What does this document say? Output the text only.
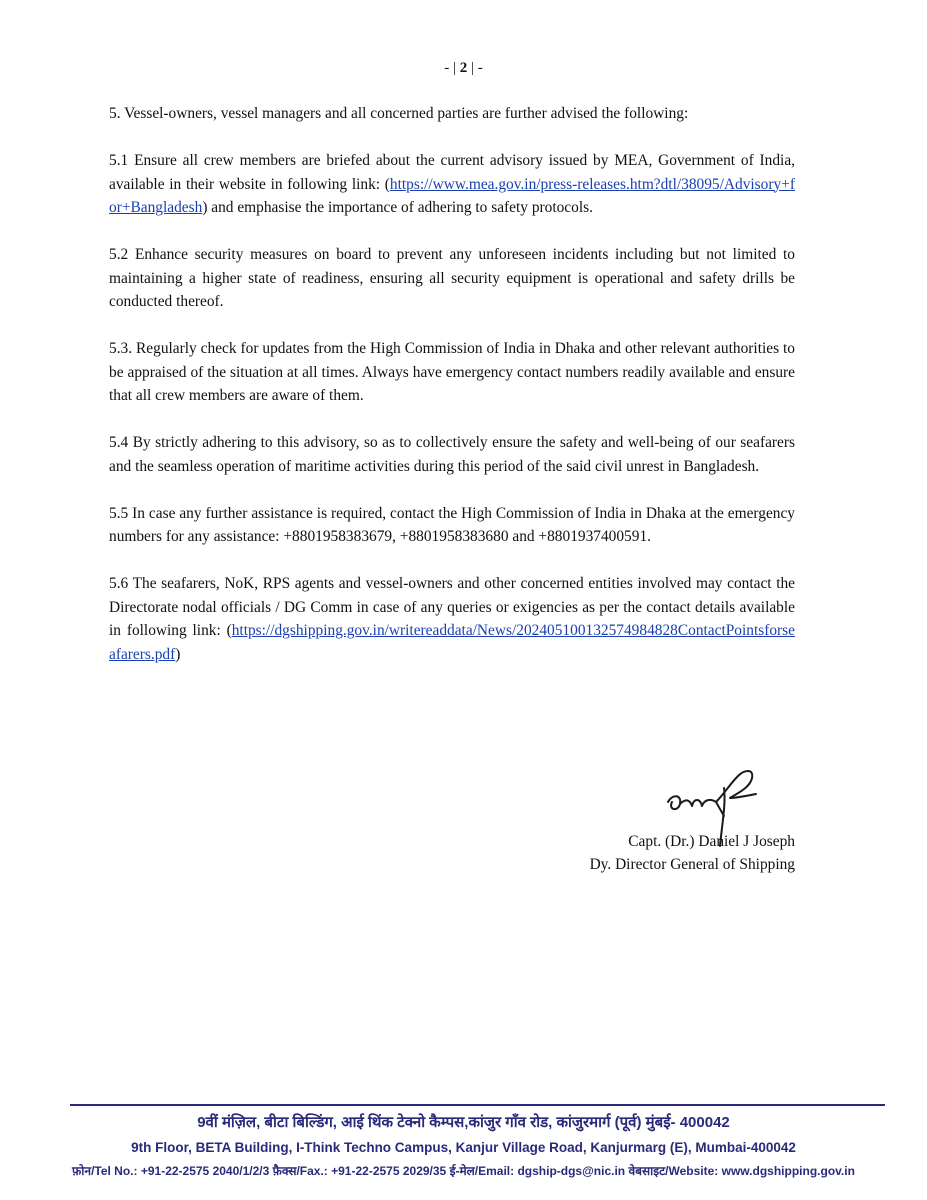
- | 2 | -

5. Vessel-owners, vessel managers and all concerned parties are further advised the following:

5.1 Ensure all crew members are briefed about the current advisory issued by MEA, Government of India, available in their website in following link: (https://www.mea.gov.in/press-releases.htm?dtl/38095/Advisory+for+Bangladesh) and emphasise the importance of adhering to safety protocols.

5.2 Enhance security measures on board to prevent any unforeseen incidents including but not limited to maintaining a higher state of readiness, ensuring all security equipment is operational and safety drills be conducted thereof.

5.3. Regularly check for updates from the High Commission of India in Dhaka and other relevant authorities to be appraised of the situation at all times. Always have emergency contact numbers readily available and ensure that all crew members are aware of them.

5.4 By strictly adhering to this advisory, so as to collectively ensure the safety and well-being of our seafarers and the seamless operation of maritime activities during this period of the said civil unrest in Bangladesh.

5.5 In case any further assistance is required, contact the High Commission of India in Dhaka at the emergency numbers for any assistance: +8801958383679, +8801958383680 and +8801937400591.

5.6 The seafarers, NoK, RPS agents and vessel-owners and other concerned entities involved may contact the Directorate nodal officials / DG Comm in case of any queries or exigencies as per the contact details available in following link: (https://dgshipping.gov.in/writereaddata/News/202405100132574984828ContactPointsforseafarers.pdf)

Capt. (Dr.) Daniel J Joseph
Dy. Director General of Shipping
9वीं मंज़िल, बीटा बिल्डिंग, आई थिंक टेक्नो कैम्पस,कांजुर गाँव रोड, कांजुरमार्ग (पूर्व) मुंबई- 400042
9th Floor, BETA Building, I-Think Techno Campus, Kanjur Village Road, Kanjurmarg (E), Mumbai-400042
फ़ोन/Tel No.: +91-22-2575 2040/1/2/3 फ़ैक्स/Fax.: +91-22-2575 2029/35 ई-मेल/Email: dgship-dgs@nic.in वेबसाइट/Website: www.dgshipping.gov.in
